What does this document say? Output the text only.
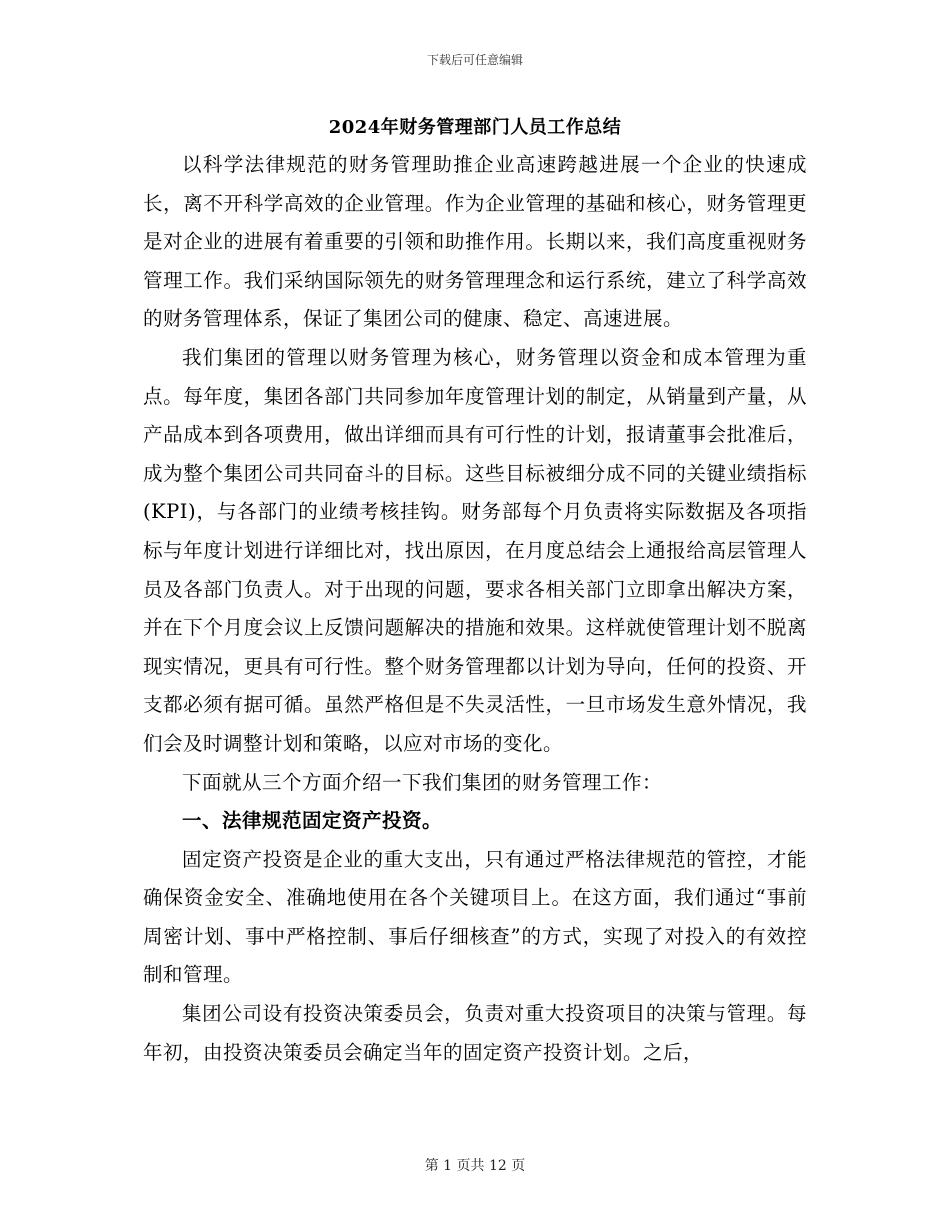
下载后可任意编辑
2024年财务管理部门人员工作总结

以科学法律规范的财务管理助推企业高速跨越进展一个企业的快速成长，离不开科学高效的企业管理。作为企业管理的基础和核心，财务管理更是对企业的进展有着重要的引领和助推作用。长期以来，我们高度重视财务管理工作。我们采纳国际领先的财务管理理念和运行系统，建立了科学高效的财务管理体系，保证了集团公司的健康、稳定、高速进展。

我们集团的管理以财务管理为核心，财务管理以资金和成本管理为重点。每年度，集团各部门共同参加年度管理计划的制定，从销量到产量，从产品成本到各项费用，做出详细而具有可行性的计划，报请董事会批准后，成为整个集团公司共同奋斗的目标。这些目标被细分成不同的关键业绩指标(KPI)，与各部门的业绩考核挂钩。财务部每个月负责将实际数据及各项指标与年度计划进行详细比对，找出原因，在月度总结会上通报给高层管理人员及各部门负责人。对于出现的问题，要求各相关部门立即拿出解决方案，并在下个月度会议上反馈问题解决的措施和效果。这样就使管理计划不脱离现实情况，更具有可行性。整个财务管理都以计划为导向，任何的投资、开支都必须有据可循。虽然严格但是不失灵活性，一旦市场发生意外情况，我们会及时调整计划和策略，以应对市场的变化。

下面就从三个方面介绍一下我们集团的财务管理工作：

一、法律规范固定资产投资。

固定资产投资是企业的重大支出，只有通过严格法律规范的管控，才能确保资金安全、准确地使用在各个关键项目上。在这方面，我们通过“事前周密计划、事中严格控制、事后仔细核查”的方式，实现了对投入的有效控制和管理。

集团公司设有投资决策委员会，负责对重大投资项目的决策与管理。每年初，由投资决策委员会确定当年的固定资产投资计划。之后，

第 1 页共 12 页
